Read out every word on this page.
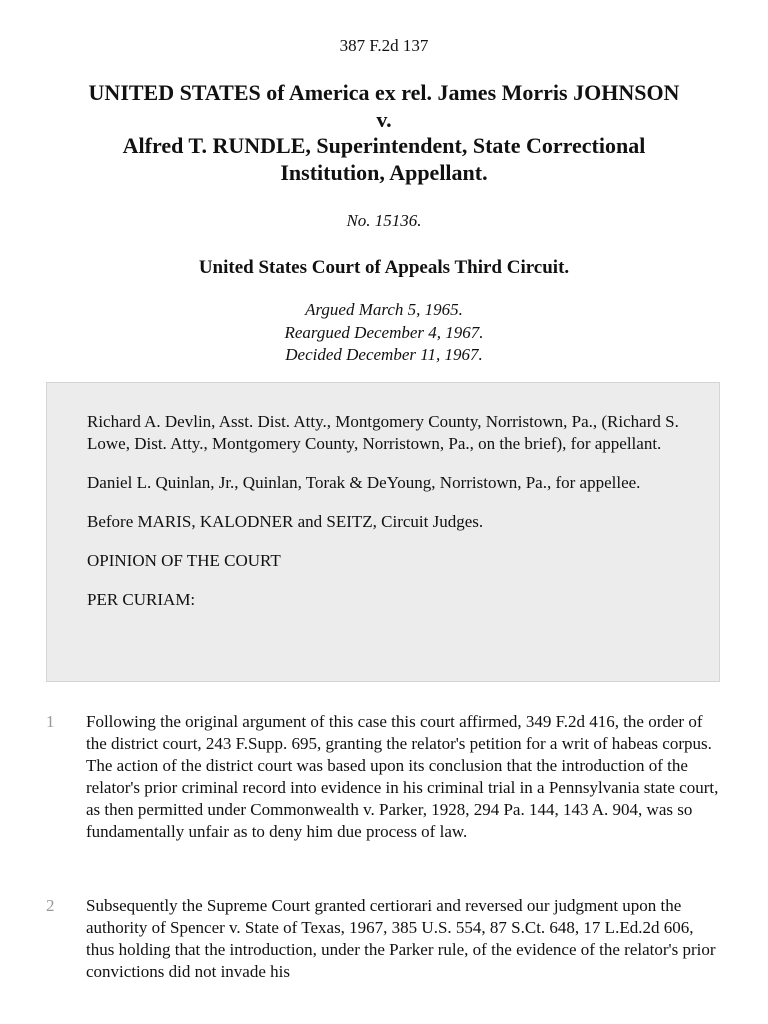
387 F.2d 137
UNITED STATES of America ex rel. James Morris JOHNSON
v.
Alfred T. RUNDLE, Superintendent, State Correctional
Institution, Appellant.
No. 15136.
United States Court of Appeals Third Circuit.
Argued March 5, 1965.
Reargued December 4, 1967.
Decided December 11, 1967.

Richard A. Devlin, Asst. Dist. Atty., Montgomery County, Norristown, Pa., (Richard S. Lowe, Dist. Atty., Montgomery County, Norristown, Pa., on the brief), for appellant.

Daniel L. Quinlan, Jr., Quinlan, Torak & DeYoung, Norristown, Pa., for appellee.

Before MARIS, KALODNER and SEITZ, Circuit Judges.

OPINION OF THE COURT

PER CURIAM:

1 Following the original argument of this case this court affirmed, 349 F.2d 416, the order of the district court, 243 F.Supp. 695, granting the relator's petition for a writ of habeas corpus. The action of the district court was based upon its conclusion that the introduction of the relator's prior criminal record into evidence in his criminal trial in a Pennsylvania state court, as then permitted under Commonwealth v. Parker, 1928, 294 Pa. 144, 143 A. 904, was so fundamentally unfair as to deny him due process of law.
2 Subsequently the Supreme Court granted certiorari and reversed our judgment upon the authority of Spencer v. State of Texas, 1967, 385 U.S. 554, 87 S.Ct. 648, 17 L.Ed.2d 606, thus holding that the introduction, under the Parker rule, of the evidence of the relator's prior convictions did not invade his
